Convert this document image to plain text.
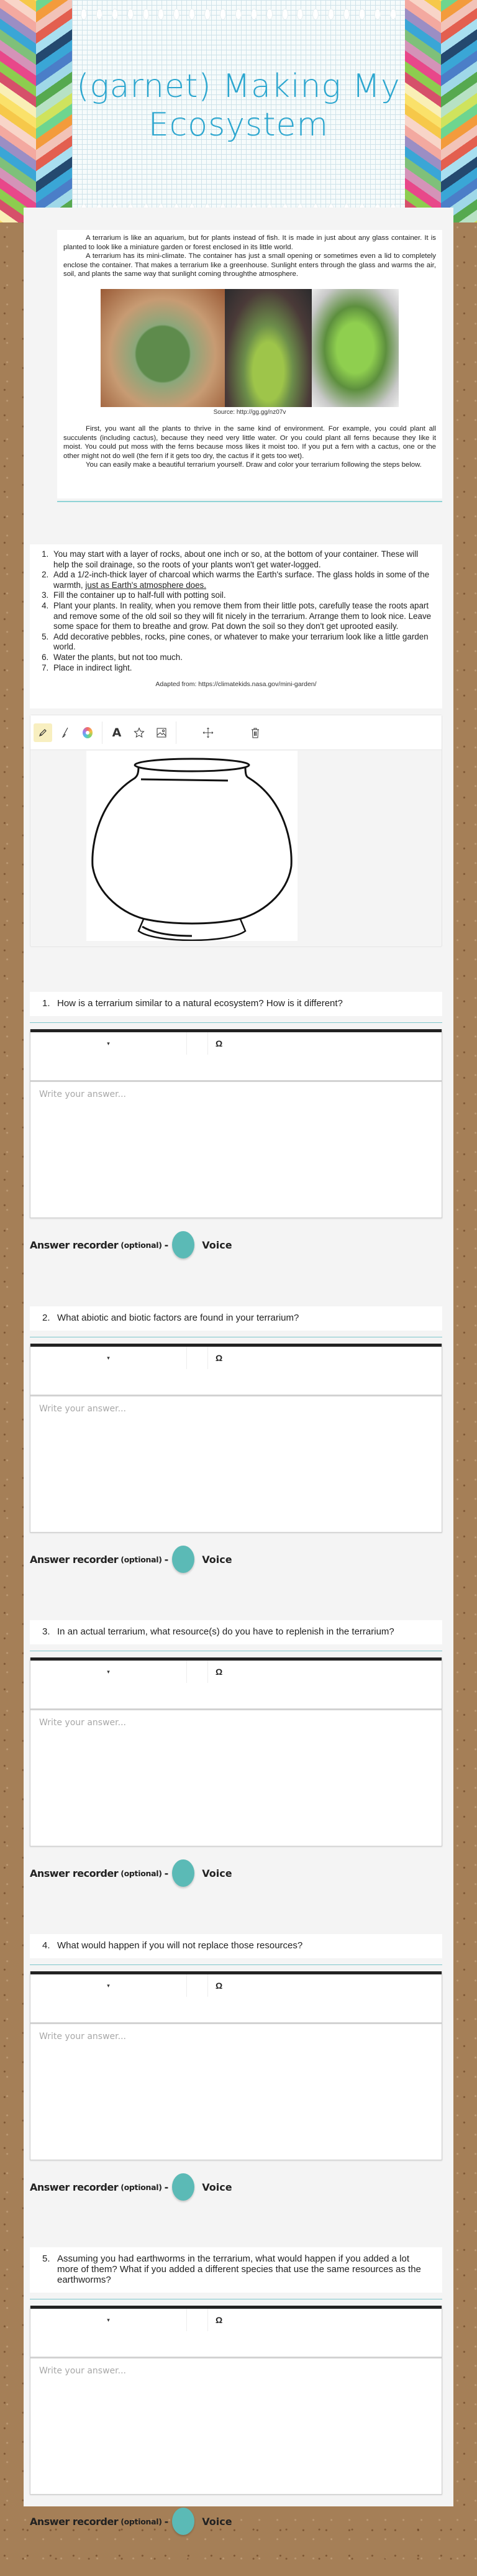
(garnet) Making My Ecosystem

A terrarium is like an aquarium, but for plants instead of fish. It is made in just about any glass container. It is planted to look like a miniature garden or forest enclosed in its little world.

A terrarium has its mini-climate. The container has just a small opening or sometimes even a lid to completely enclose the container. That makes a terrarium like a greenhouse. Sunlight enters through the glass and warms the air, soil, and plants the same way that sunlight coming throughthe atmosphere.

Source: http://gg.gg/nz07v

First, you want all the plants to thrive in the same kind of environment. For example, you could plant all succulents (including cactus), because they need very little water. Or you could plant all ferns because they like it moist. You could put moss with the ferns because moss likes it moist too. If you put a fern with a cactus, one or the other might not do well (the fern if it gets too dry, the cactus if it gets too wet).

You can easily make a beautiful terrarium yourself. Draw and color your terrarium following the steps below.

1. You may start with a layer of rocks, about one inch or so, at the bottom of your container. These will help the soil drainage, so the roots of your plants won't get water-logged.
2. Add a 1/2-inch-thick layer of charcoal which warms the Earth's surface. The glass holds in some of the warmth, just as Earth's atmosphere does.
3. Fill the container up to half-full with potting soil.
4. Plant your plants. In reality, when you remove them from their little pots, carefully tease the roots apart and remove some of the old soil so they will fit nicely in the terrarium. Arrange them to look nice. Leave some space for them to breathe and grow. Pat down the soil so they don't get uprooted easily.
5. Add decorative pebbles, rocks, pine cones, or whatever to make your terrarium look like a little garden world.
6. Water the plants, but not too much.
7. Place in indirect light.
Adapted from: https://climatekids.nasa.gov/mini-garden/
A
1. How is a terrarium similar to a natural ecosystem? How is it different?
▾	Ω
Write your answer...
Answer recorder (optional) -	Voice
2. What abiotic and biotic factors are found in your terrarium?
▾	Ω
Write your answer...
Answer recorder (optional) -	Voice
3. In an actual terrarium, what resource(s) do you have to replenish in the terrarium?
▾	Ω
Write your answer...
Answer recorder (optional) -	Voice
4. What would happen if you will not replace those resources?
▾	Ω
Write your answer...
Answer recorder (optional) -	Voice
5. Assuming you had earthworms in the terrarium, what would happen if you added a lot more of them? What if you added a different species that use the same resources as the earthworms?
▾	Ω
Write your answer...
Answer recorder (optional) -	Voice
